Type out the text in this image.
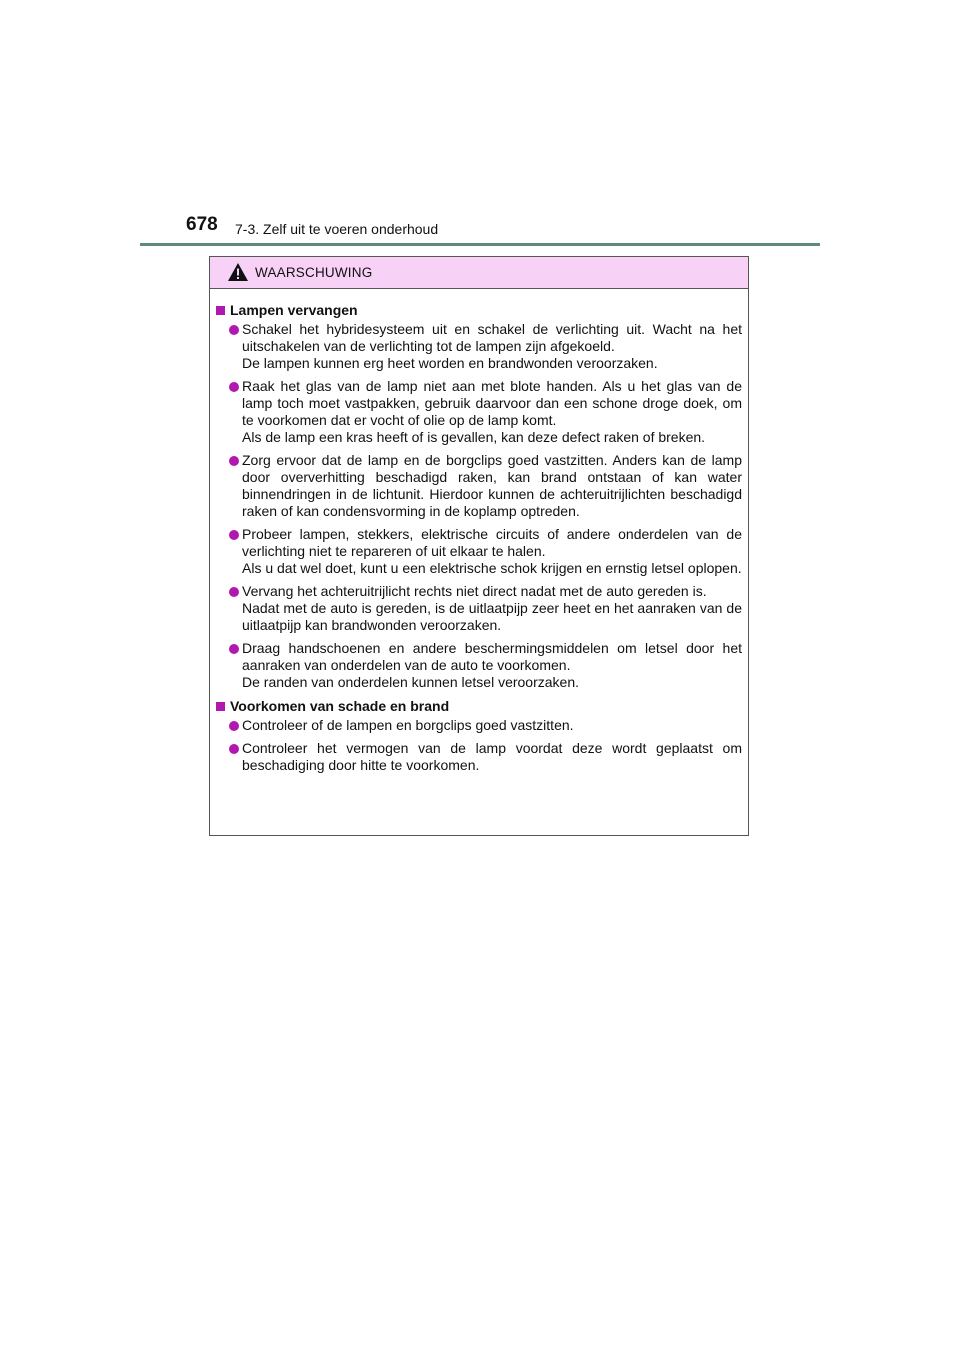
678 7-3. Zelf uit te voeren onderhoud
WAARSCHUWING
Lampen vervangen

Schakel het hybridesysteem uit en schakel de verlichting uit. Wacht na het uitschakelen van de verlichting tot de lampen zijn afgekoeld.

De lampen kunnen erg heet worden en brandwonden veroorzaken.

Raak het glas van de lamp niet aan met blote handen. Als u het glas van de lamp toch moet vastpakken, gebruik daarvoor dan een schone droge doek, om te voorkomen dat er vocht of olie op de lamp komt.

Als de lamp een kras heeft of is gevallen, kan deze defect raken of breken.

Zorg ervoor dat de lamp en de borgclips goed vastzitten. Anders kan de lamp door oververhitting beschadigd raken, kan brand ontstaan of kan water binnendringen in de lichtunit. Hierdoor kunnen de achteruitrijlichten beschadigd raken of kan condensvorming in de koplamp optreden.

Probeer lampen, stekkers, elektrische circuits of andere onderdelen van de verlichting niet te repareren of uit elkaar te halen.

Als u dat wel doet, kunt u een elektrische schok krijgen en ernstig letsel oplopen.

Vervang het achteruitrijlicht rechts niet direct nadat met de auto gereden is.

Nadat met de auto is gereden, is de uitlaatpijp zeer heet en het aanraken van de uitlaatpijp kan brandwonden veroorzaken.

Draag handschoenen en andere beschermingsmiddelen om letsel door het aanraken van onderdelen van de auto te voorkomen.

De randen van onderdelen kunnen letsel veroorzaken.

Voorkomen van schade en brand

Controleer of de lampen en borgclips goed vastzitten.

Controleer het vermogen van de lamp voordat deze wordt geplaatst om beschadiging door hitte te voorkomen.
